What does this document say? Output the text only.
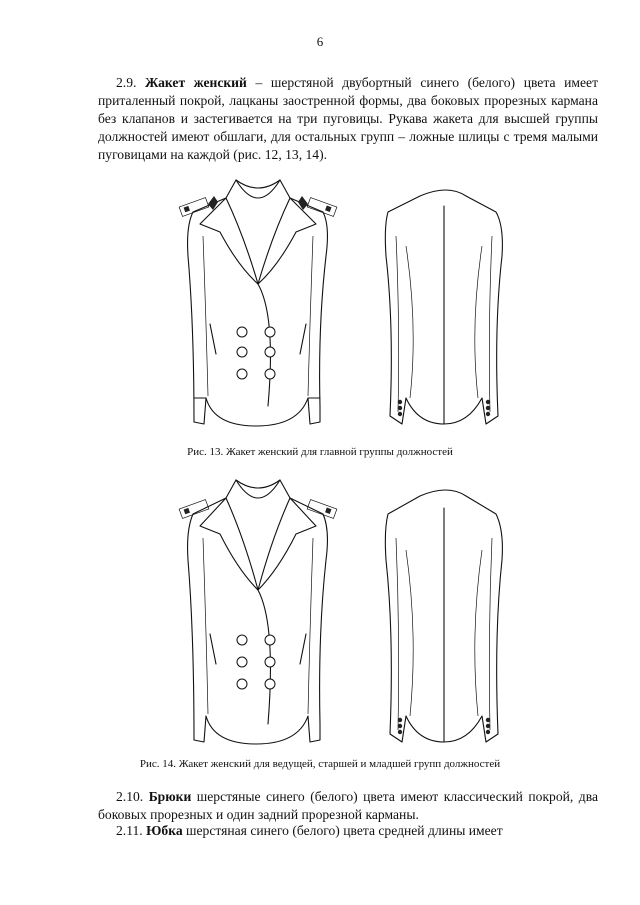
6
2.9. Жакет женский – шерстяной двубортный синего (белого) цвета имеет приталенный покрой, лацканы заостренной формы, два боковых прорезных кармана без клапанов и застегивается на три пуговицы. Рукава жакета для высшей группы должностей имеют обшлаги, для остальных групп – ложные шлицы с тремя малыми пуговицами на каждой (рис. 12, 13, 14).
Рис. 13. Жакет женский для главной группы должностей
Рис. 14. Жакет женский для ведущей, старшей и младшей групп должностей
2.10. Брюки шерстяные синего (белого) цвета имеют классический покрой, два боковых прорезных и один задний прорезной карманы.
2.11. Юбка шерстяная синего (белого) цвета средней длины имеет
